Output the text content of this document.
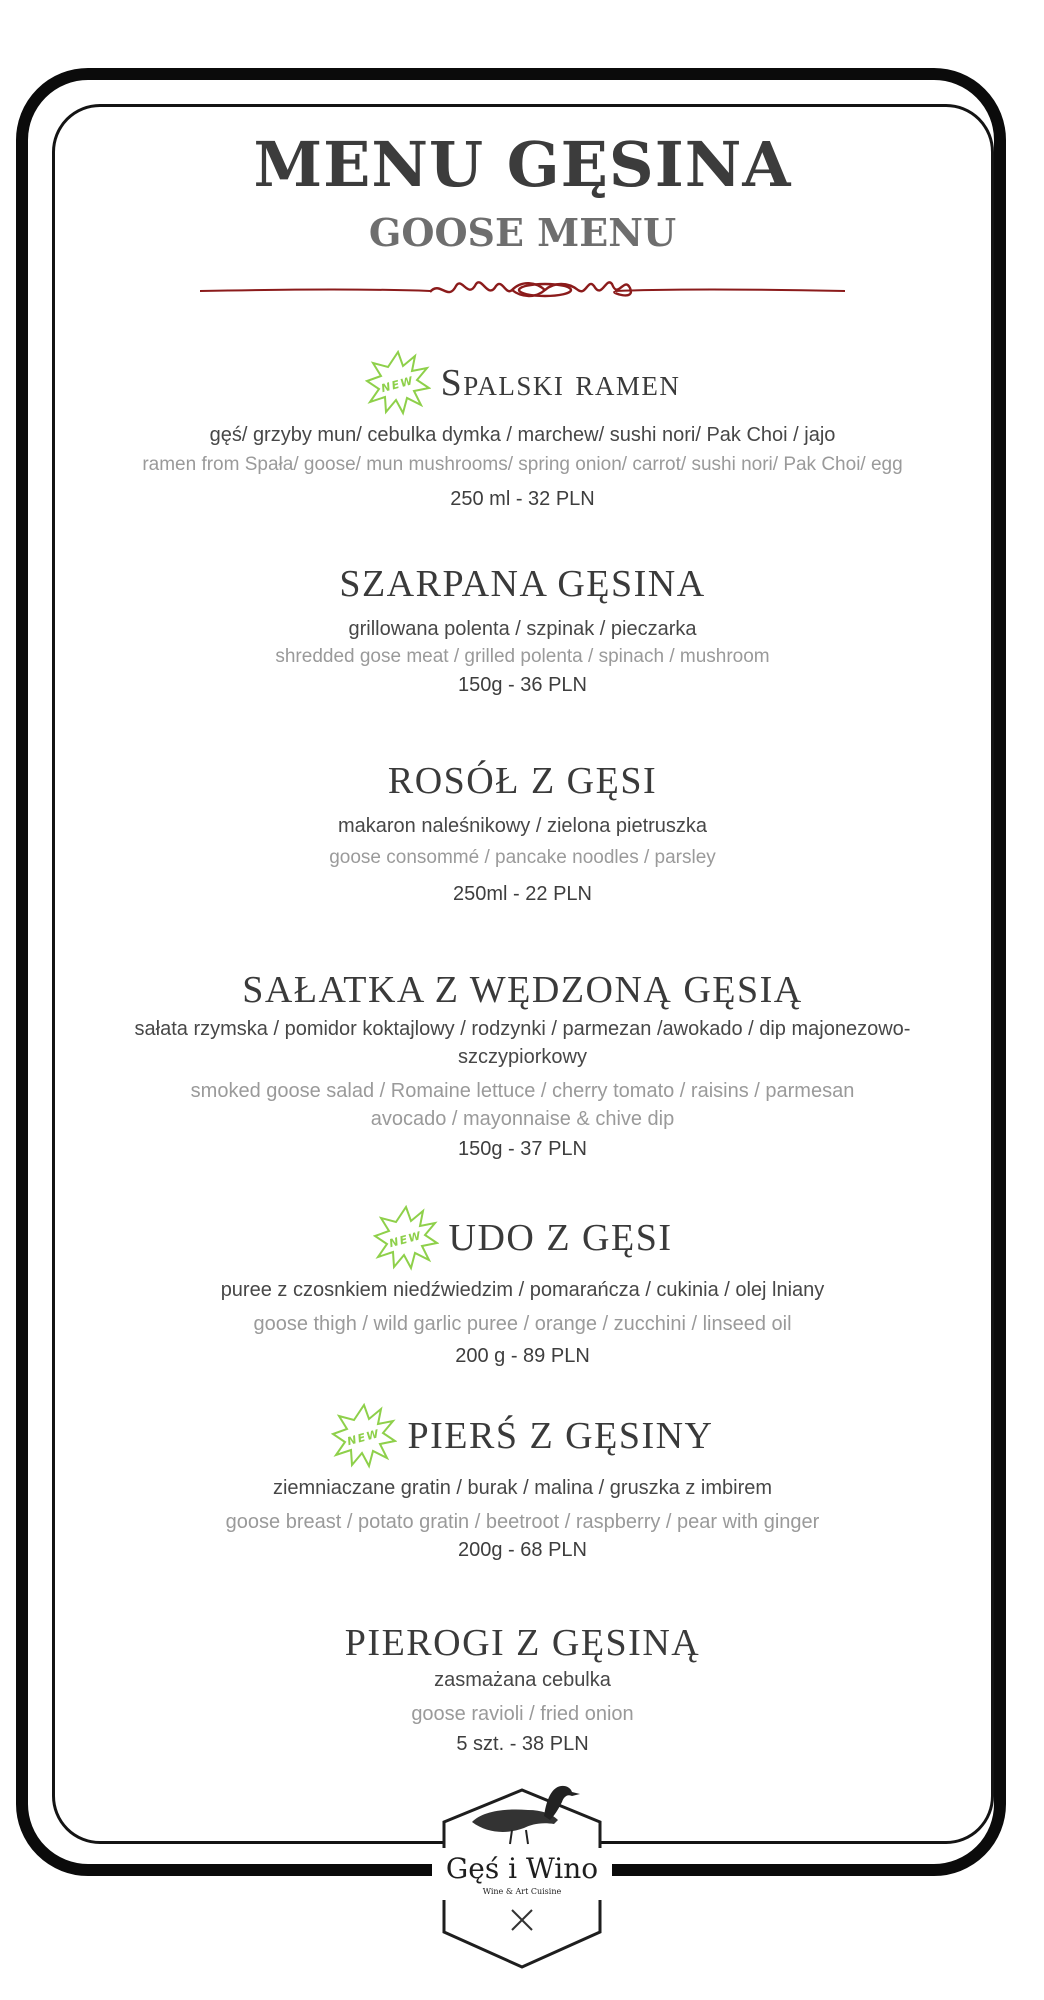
MENU GĘSINA
GOOSE MENU
NEW Spalski ramen
gęś/ grzyby mun/ cebulka dymka / marchew/ sushi nori/ Pak Choi / jajo
ramen from Spała/ goose/ mun mushrooms/ spring onion/ carrot/ sushi nori/ Pak Choi/ egg
250 ml - 32 PLN
SZARPANA GĘSINA
grillowana polenta / szpinak / pieczarka
shredded gose meat / grilled polenta / spinach / mushroom
150g - 36 PLN
ROSÓŁ Z GĘSI
makaron naleśnikowy / zielona pietruszka
goose consommé / pancake noodles / parsley
250ml - 22 PLN
SAŁATKA Z WĘDZONĄ GĘSIĄ
sałata rzymska / pomidor koktajlowy / rodzynki / parmezan /awokado / dip majonezowo-szczypiorkowy
smoked goose salad / Romaine lettuce / cherry tomato / raisins / parmesan avocado / mayonnaise & chive dip
150g - 37 PLN
NEW UDO Z GĘSI
puree z czosnkiem niedźwiedzim / pomarańcza / cukinia / olej lniany
goose thigh / wild garlic puree / orange / zucchini / linseed oil
200 g - 89 PLN
NEW PIERŚ Z GĘSINY
ziemniaczane gratin / burak / malina / gruszka z imbirem
goose breast / potato gratin / beetroot / raspberry / pear with ginger
200g - 68 PLN
PIEROGI Z GĘSINĄ
zasmażana cebulka
goose ravioli / fried onion
5 szt. - 38 PLN
Gęś i Wino
Wine & Art Cuisine
